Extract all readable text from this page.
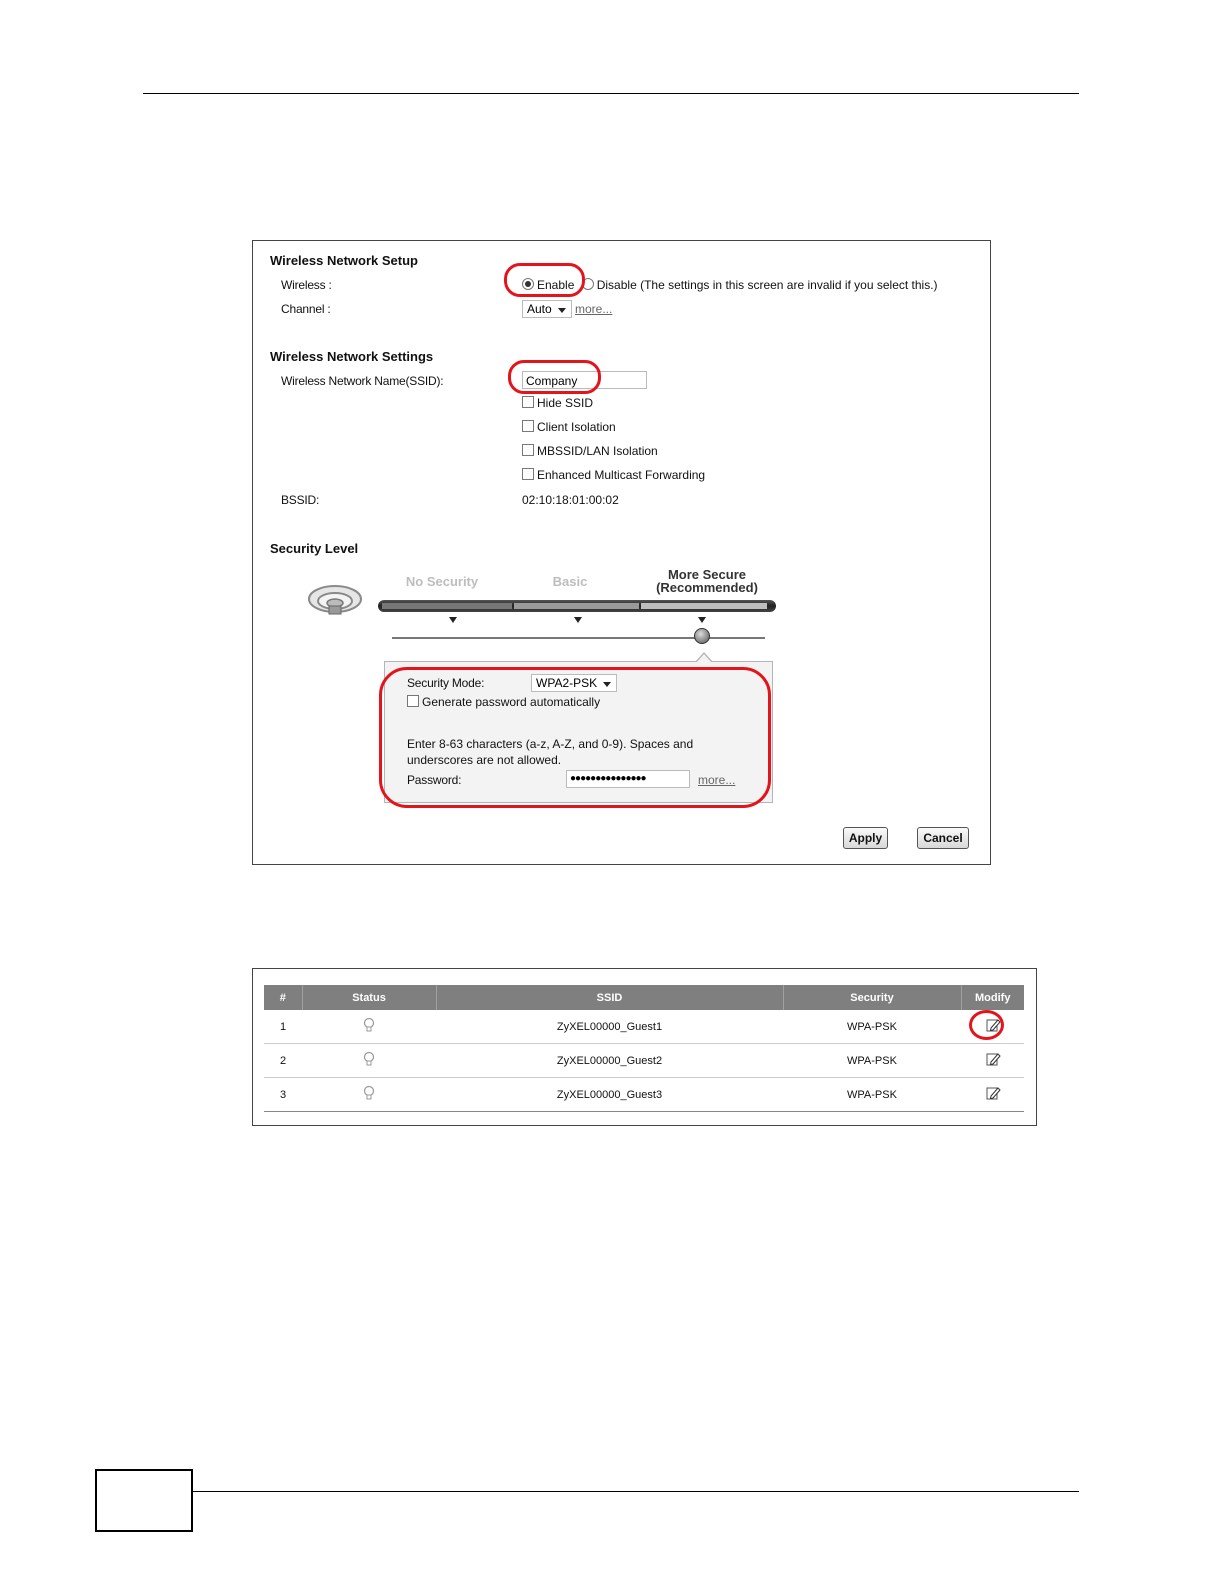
Wireless Network Setup
Wireless :	Enable Disable (The settings in this screen are invalid if you select this.)
Channel :	Auto	more...
Wireless Network Settings
Wireless Network Name(SSID):	Company
Hide SSID
Client Isolation
MBSSID/LAN Isolation
Enhanced Multicast Forwarding
BSSID:	02:10:18:01:00:02
Security Level
No Security	Basic	More Secure
(Recommended)
Security Mode:	WPA2-PSK
Generate password automatically
Enter 8-63 characters (a-z, A-Z, and 0-9). Spaces and underscores are not allowed.
Password:	●●●●●●●●●●●●●●●	more...
Apply	Cancel
#	Status	SSID	Security	Modify
1		ZyXEL00000_Guest1	WPA-PSK	
2		ZyXEL00000_Guest2	WPA-PSK	
3		ZyXEL00000_Guest3	WPA-PSK	
